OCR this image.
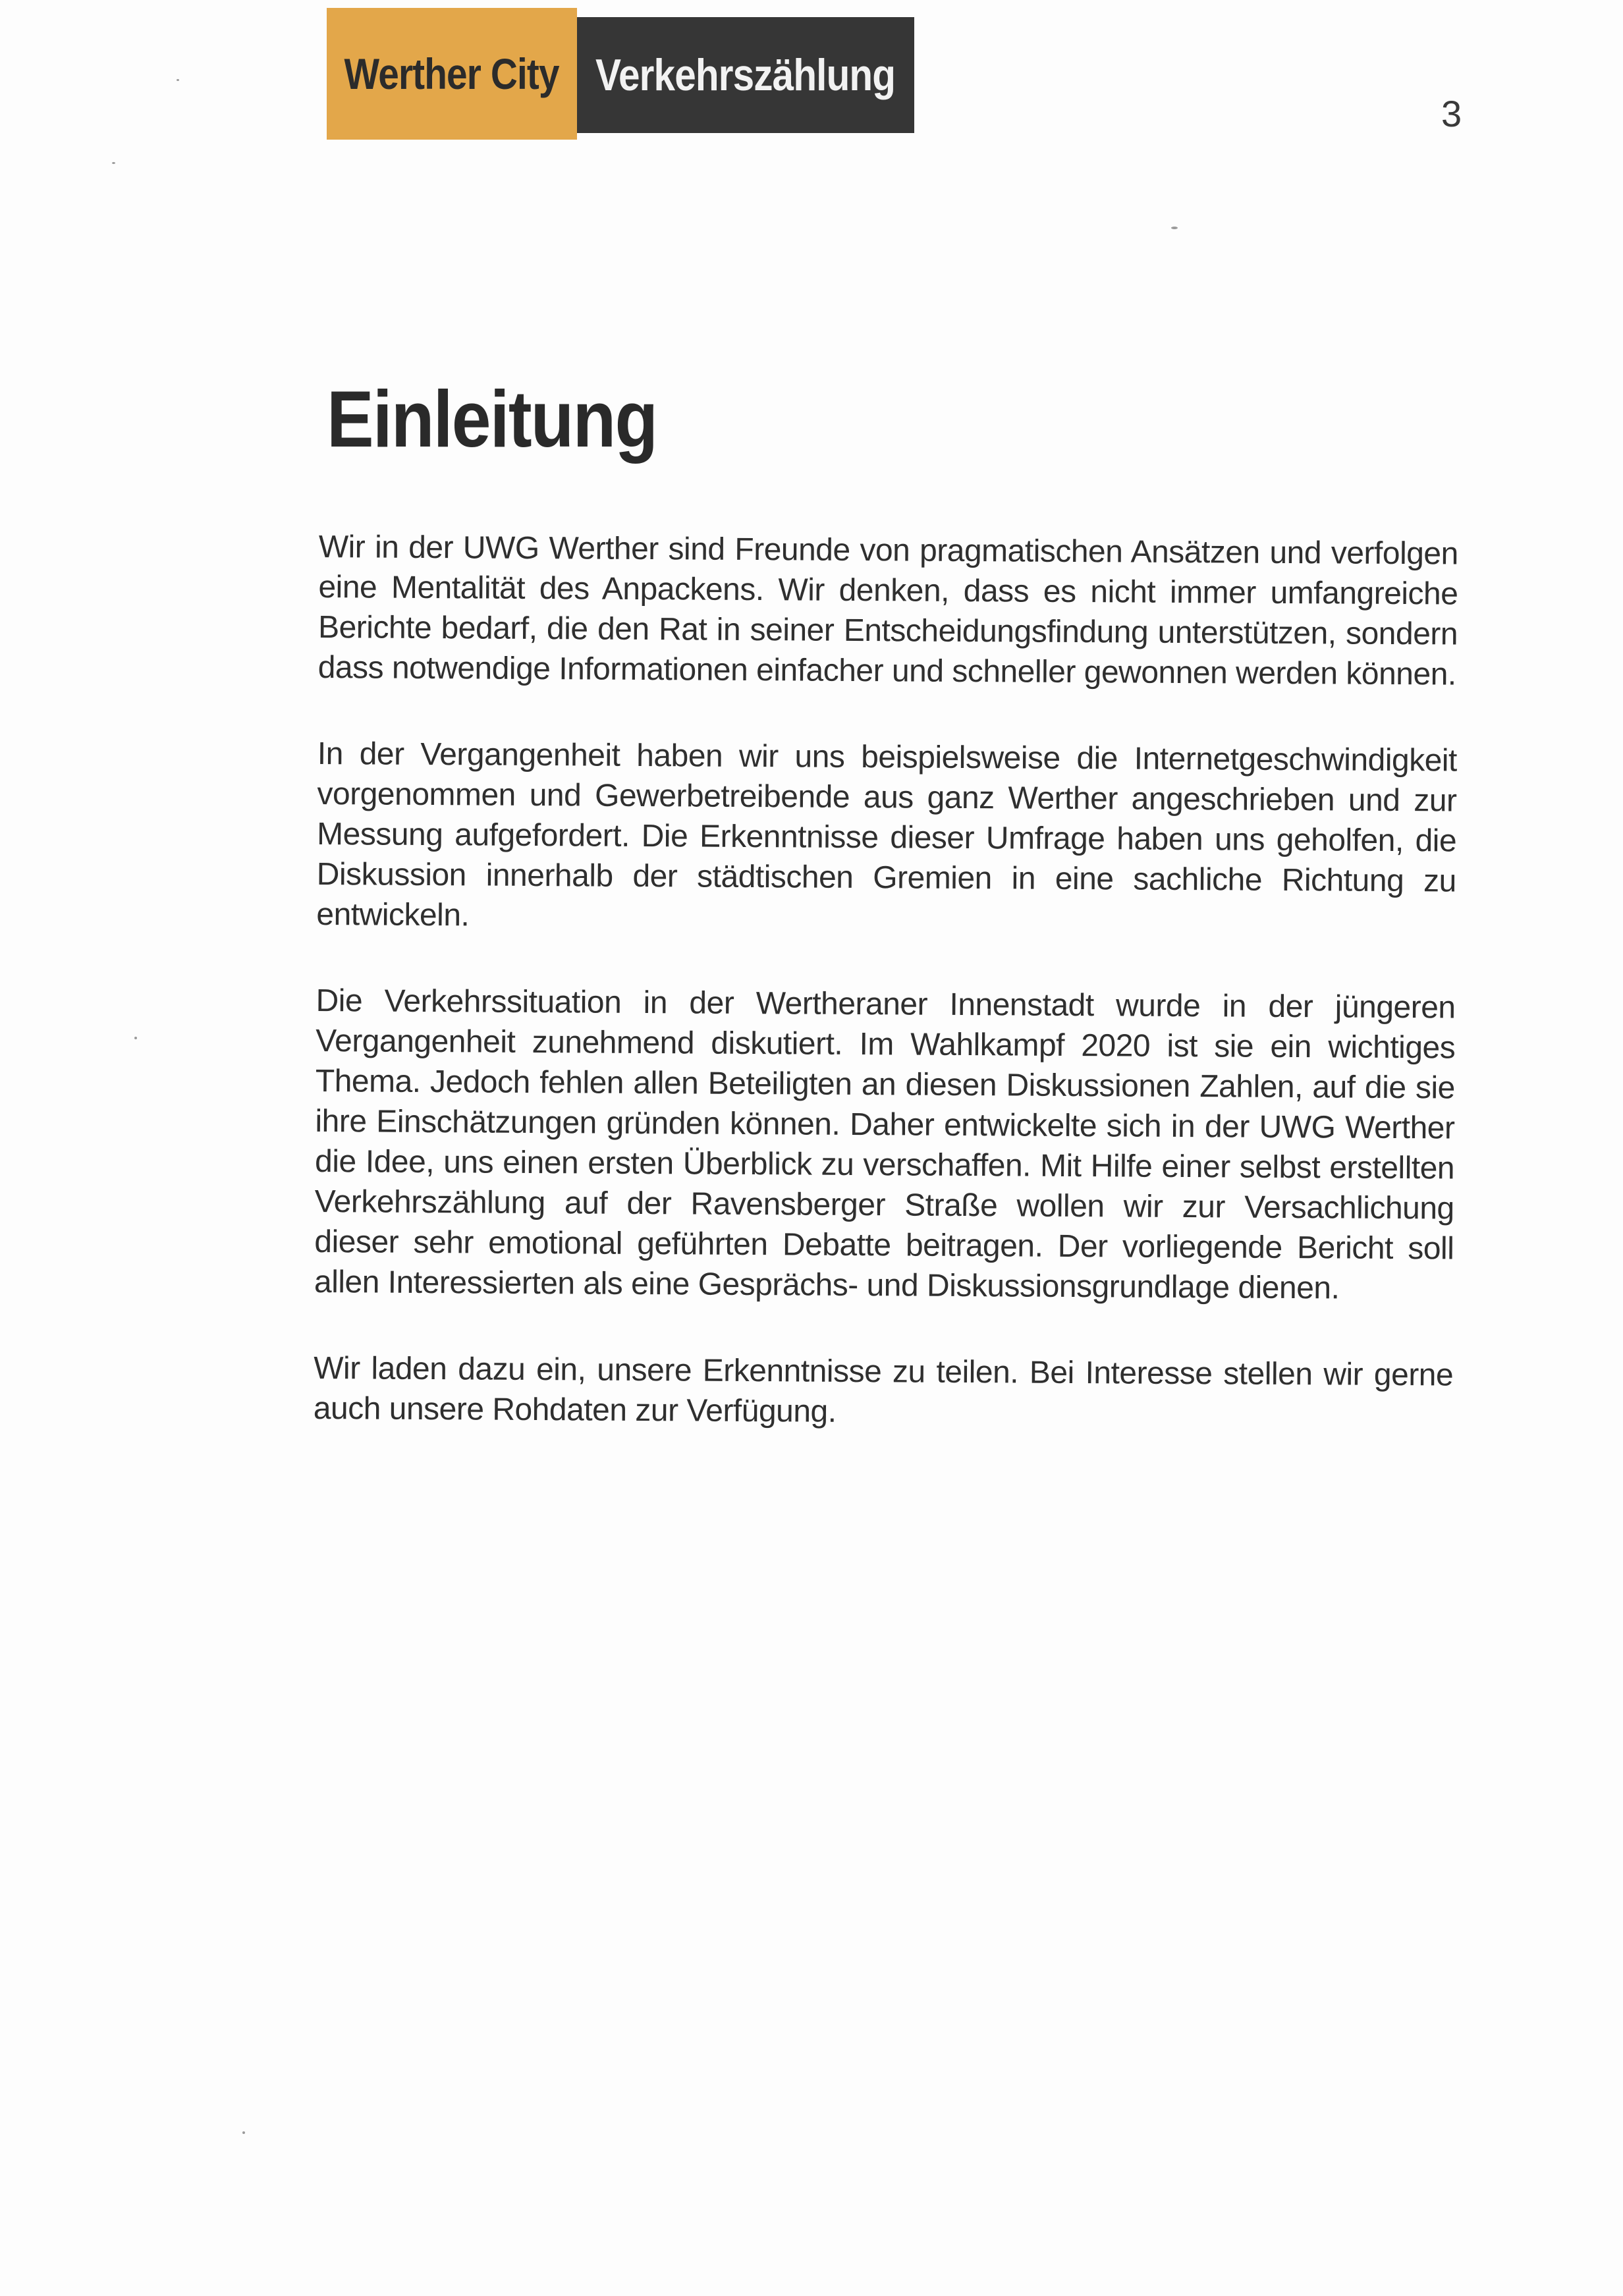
Werther City Verkehrszählung
3
Einleitung

Wir in der UWG Werther sind Freunde von pragmatischen Ansätzen und verfolgen eine Mentalität des Anpackens. Wir denken, dass es nicht immer umfangreiche Berichte bedarf, die den Rat in seiner Entscheidungsfindung unterstützen, sondern dass notwendige Informationen einfacher und schneller gewonnen werden können.

In der Vergangenheit haben wir uns beispielsweise die Internetgeschwindigkeit vorgenommen und Gewerbetreibende aus ganz Werther angeschrieben und zur Messung aufgefordert. Die Erkenntnisse dieser Umfrage haben uns geholfen, die Diskussion innerhalb der städtischen Gremien in eine sachliche Richtung zu entwickeln.

Die Verkehrssituation in der Wertheraner Innenstadt wurde in der jüngeren Vergangenheit zunehmend diskutiert. Im Wahlkampf 2020 ist sie ein wichtiges Thema. Jedoch fehlen allen Beteiligten an diesen Diskussionen Zahlen, auf die sie ihre Einschätzungen gründen können. Daher entwickelte sich in der UWG Werther die Idee, uns einen ersten Überblick zu verschaffen. Mit Hilfe einer selbst erstellten Verkehrszählung auf der Ravensberger Straße wollen wir zur Versachlichung dieser sehr emotional geführten Debatte beitragen. Der vorliegende Bericht soll allen Interessierten als eine Gesprächs- und Diskussionsgrundlage dienen.

Wir laden dazu ein, unsere Erkenntnisse zu teilen. Bei Interesse stellen wir gerne auch unsere Rohdaten zur Verfügung.
